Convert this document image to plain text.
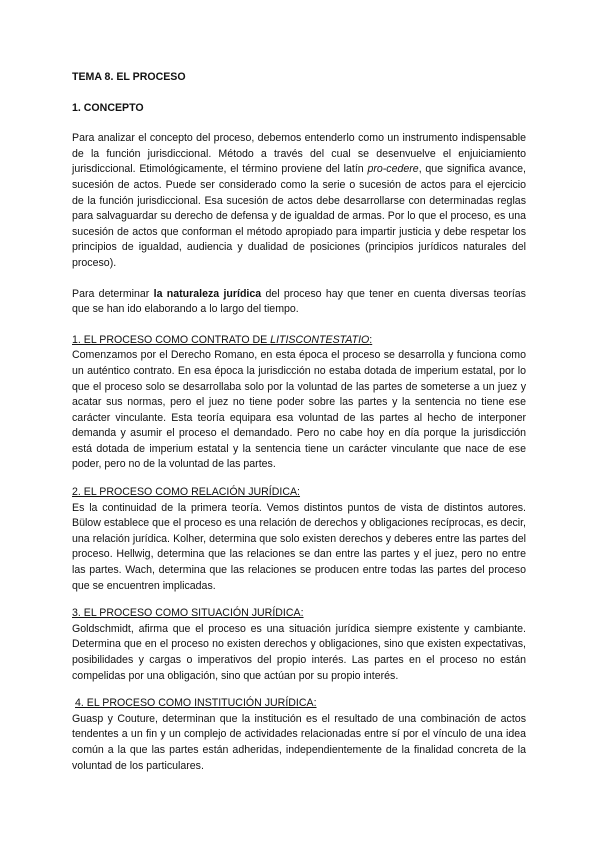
TEMA 8. EL PROCESO
1. CONCEPTO

Para analizar el concepto del proceso, debemos entenderlo como un instrumento indispensable de la función jurisdiccional. Método a través del cual se desenvuelve el enjuiciamiento jurisdiccional. Etimológicamente, el término proviene del latín pro-cedere, que significa avance, sucesión de actos. Puede ser considerado como la serie o sucesión de actos para el ejercicio de la función jurisdiccional. Esa sucesión de actos debe desarrollarse con determinadas reglas para salvaguardar su derecho de defensa y de igualdad de armas. Por lo que el proceso, es una sucesión de actos que conforman el método apropiado para impartir justicia y debe respetar los principios de igualdad, audiencia y dualidad de posiciones (principios jurídicos naturales del proceso).

Para determinar la naturaleza jurídica del proceso hay que tener en cuenta diversas teorías que se han ido elaborando a lo largo del tiempo.

1. EL PROCESO COMO CONTRATO DE LITISCONTESTATIO:

Comenzamos por el Derecho Romano, en esta época el proceso se desarrolla y funciona como un auténtico contrato. En esa época la jurisdicción no estaba dotada de imperium estatal, por lo que el proceso solo se desarrollaba solo por la voluntad de las partes de someterse a un juez y acatar sus normas, pero el juez no tiene poder sobre las partes y la sentencia no tiene ese carácter vinculante. Esta teoría equipara esa voluntad de las partes al hecho de interponer demanda y asumir el proceso el demandado. Pero no cabe hoy en día porque la jurisdicción está dotada de imperium estatal y la sentencia tiene un carácter vinculante que nace de ese poder, pero no de la voluntad de las partes.

2. EL PROCESO COMO RELACIÓN JURÍDICA:

Es la continuidad de la primera teoría. Vemos distintos puntos de vista de distintos autores. Bülow establece que el proceso es una relación de derechos y obligaciones recíprocas, es decir, una relación jurídica. Kolher, determina que solo existen derechos y deberes entre las partes del proceso. Hellwig, determina que las relaciones se dan entre las partes y el juez, pero no entre las partes. Wach, determina que las relaciones se producen entre todas las partes del proceso que se encuentren implicadas.

3. EL PROCESO COMO SITUACIÓN JURÍDICA:

Goldschmidt, afirma que el proceso es una situación jurídica siempre existente y cambiante. Determina que en el proceso no existen derechos y obligaciones, sino que existen expectativas, posibilidades y cargas o imperativos del propio interés. Las partes en el proceso no están compelidas por una obligación, sino que actúan por su propio interés.

4. EL PROCESO COMO INSTITUCIÓN JURÍDICA:

Guasp y Couture, determinan que la institución es el resultado de una combinación de actos tendentes a un fin y un complejo de actividades relacionadas entre sí por el vínculo de una idea común a la que las partes están adheridas, independientemente de la finalidad concreta de la voluntad de los particulares.
